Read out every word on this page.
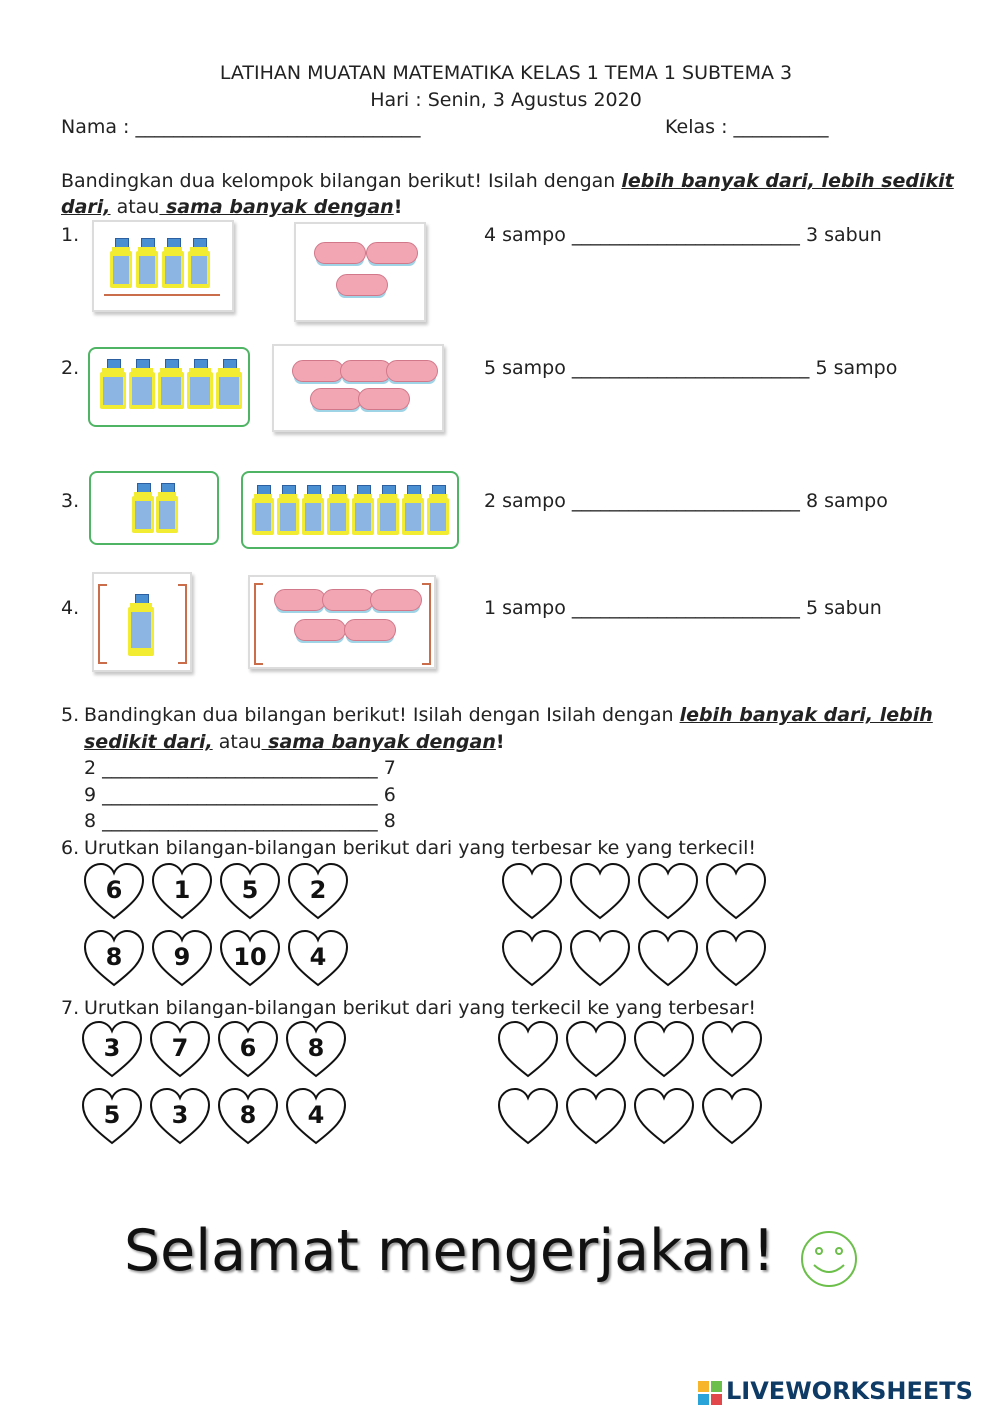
LATIHAN MUATAN MATEMATIKA KELAS 1 TEMA 1 SUBTEMA 3
Hari : Senin, 3 Agustus 2020
Nama : ______________________________	Kelas : __________
Bandingkan dua kelompok bilangan berikut! Isilah dengan lebih banyak dari, lebih sedikit
dari, atau sama banyak dengan!
1.	4 sampo ________________________ 3 sabun
2.	5 sampo _________________________ 5 sampo
3.	2 sampo ________________________ 8 sampo
4.	1 sampo ________________________ 5 sabun
5. Bandingkan dua bilangan berikut! Isilah dengan Isilah dengan lebih banyak dari, lebih
sedikit dari, atau sama banyak dengan!
2 _____________________________ 7
9 _____________________________ 6
8 _____________________________ 8
6. Urutkan bilangan-bilangan berikut dari yang terbesar ke yang terkecil!
6	1	5	2
8	9	10	4
7. Urutkan bilangan-bilangan berikut dari yang terkecil ke yang terbesar!
3	7	6	8
5	3	8	4
Selamat mengerjakan!
LIVEWORKSHEETS
